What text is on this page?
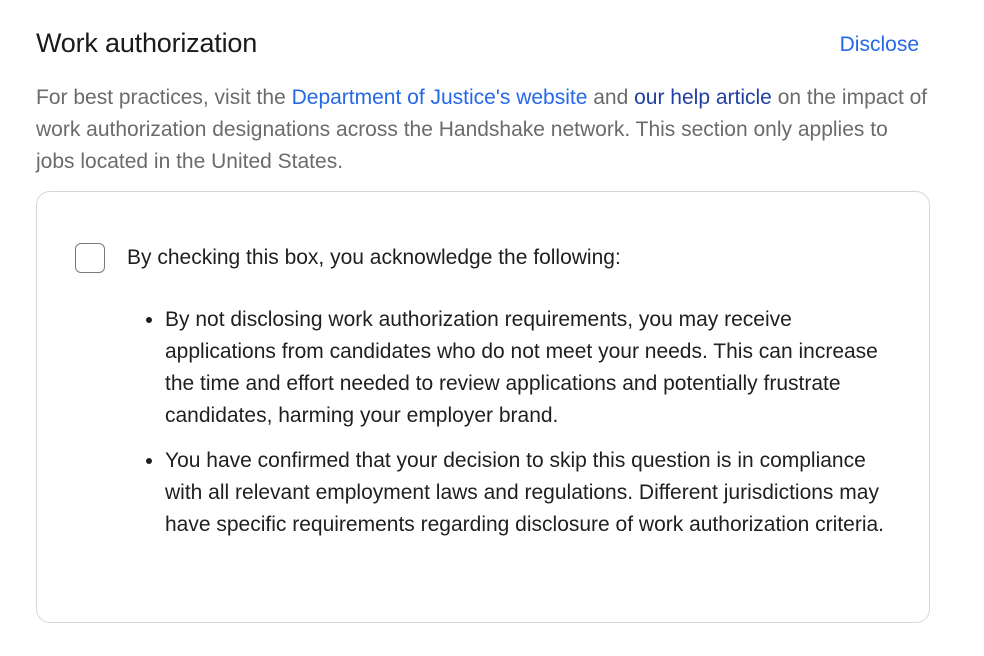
Work authorization	Disclose

For best practices, visit the Department of Justice's website and our help article on the impact of work authorization designations across the Handshake network. This section only applies to jobs located in the United States.

By checking this box, you acknowledge the following:
• By not disclosing work authorization requirements, you may receive applications from candidates who do not meet your needs. This can increase the time and effort needed to review applications and potentially frustrate candidates, harming your employer brand.
• You have confirmed that your decision to skip this question is in compliance with all relevant employment laws and regulations. Different jurisdictions may have specific requirements regarding disclosure of work authorization criteria.
